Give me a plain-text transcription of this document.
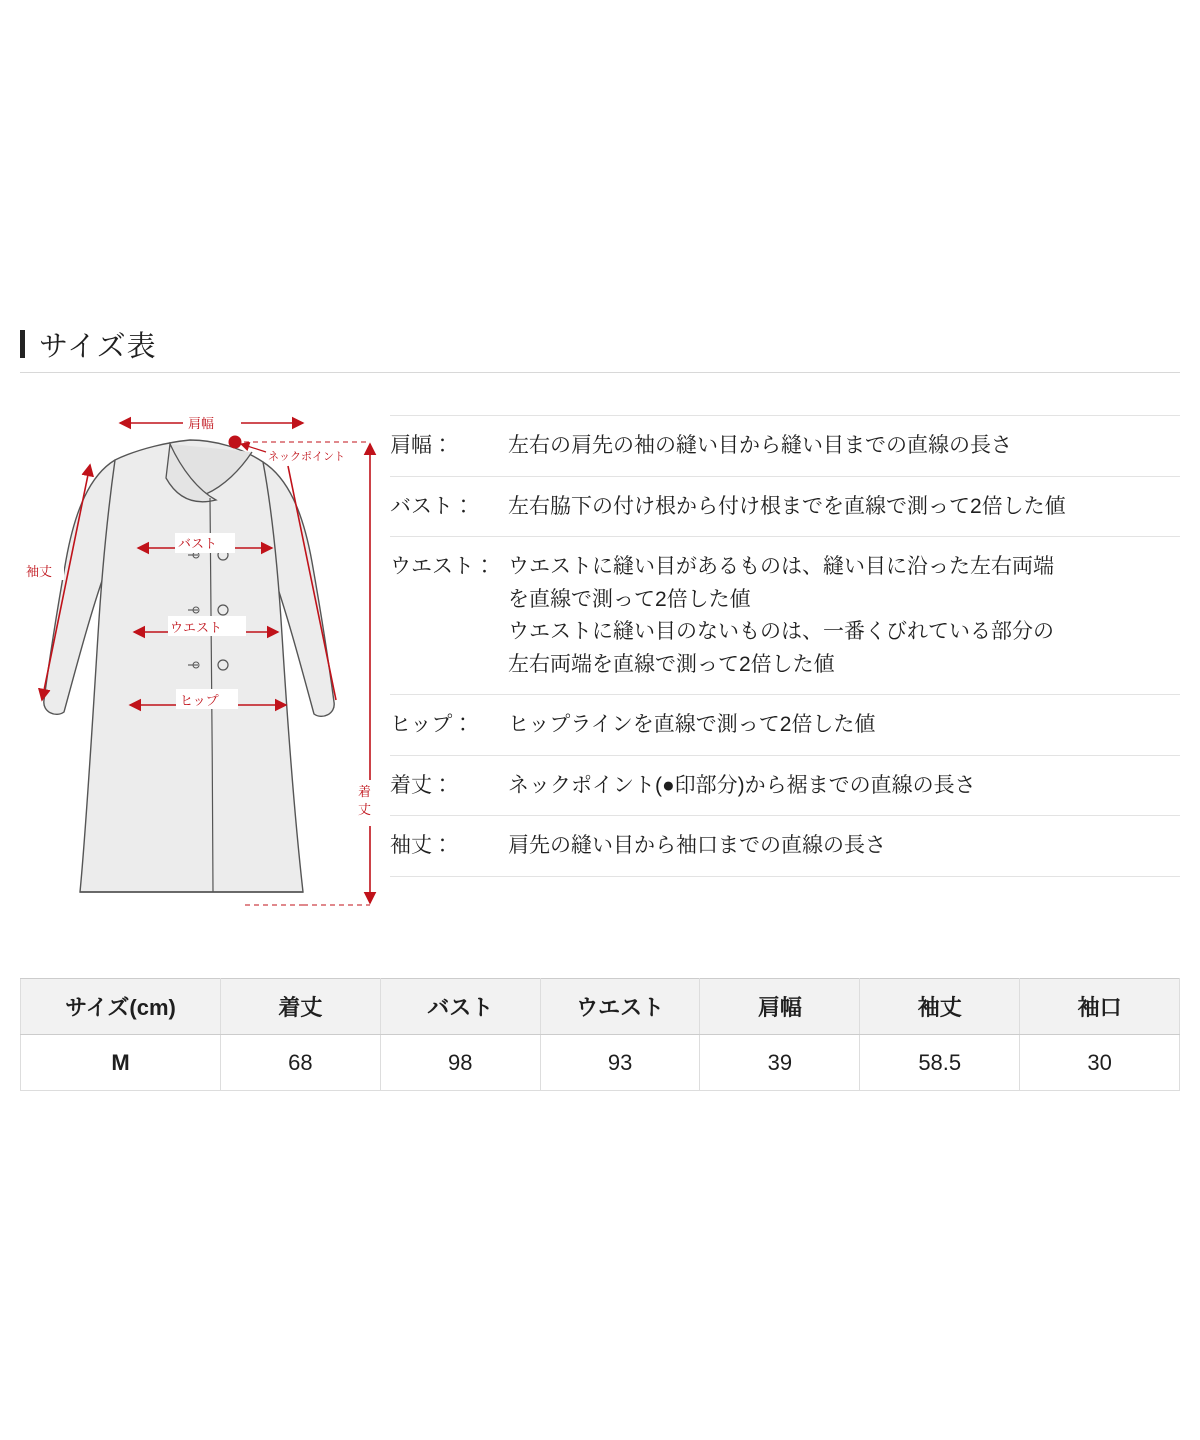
サイズ表
肩幅
ネックポイント
袖丈
バスト
ウエスト
ヒップ
着
丈
肩幅：	左右の肩先の袖の縫い目から縫い目までの直線の長さ
バスト：	左右脇下の付け根から付け根までを直線で測って2倍した値
ウエスト： ウエストに縫い目があるものは、縫い目に沿った左右両端
を直線で測って2倍した値
ウエストに縫い目のないものは、一番くびれている部分の
左右両端を直線で測って2倍した値
ヒップ：	ヒップラインを直線で測って2倍した値
着丈：	ネックポイント(●印部分)から裾までの直線の長さ
袖丈：	肩先の縫い目から袖口までの直線の長さ
サイズ(cm)	着丈	バスト	ウエスト	肩幅	袖丈	袖口
M	68	98	93	39	58.5	30
